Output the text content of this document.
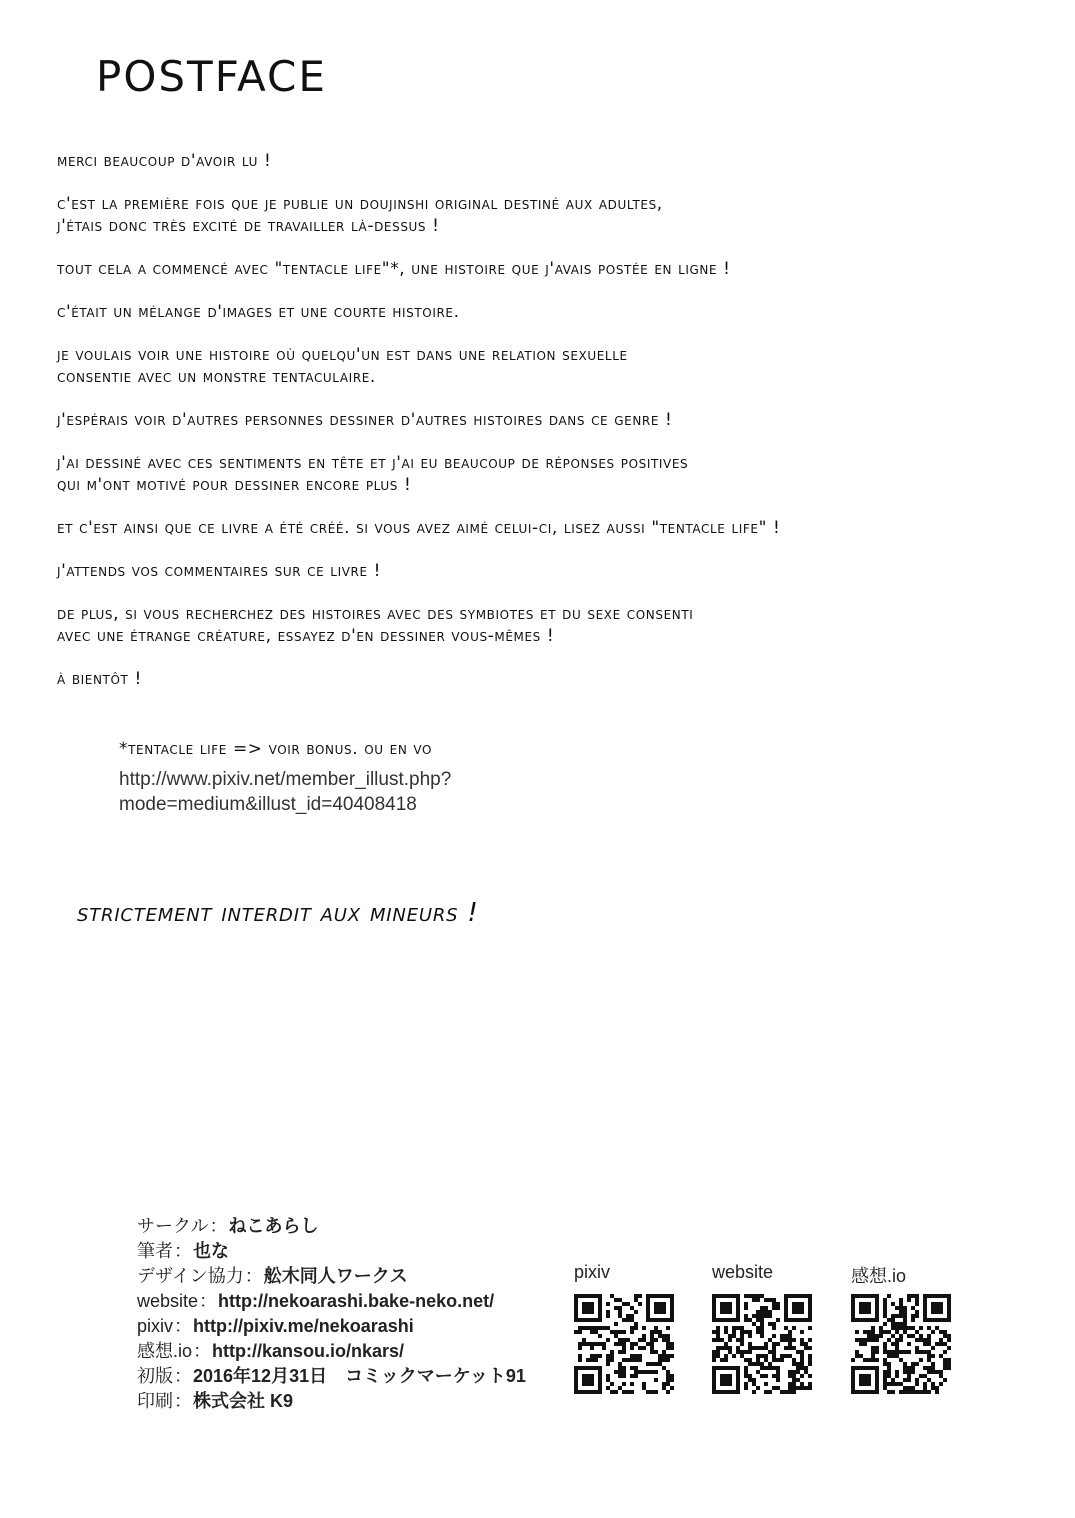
POSTFACE

merci beaucoup d'avoir lu !

c'est la première fois que je publie un doujinshi original destiné aux adultes,
j'étais donc très excité de travailler là-dessus !

tout cela a commencé avec "tentacle life"*, une histoire que j'avais postée en ligne !

c'était un mélange d'images et une courte histoire.

je voulais voir une histoire où quelqu'un est dans une relation sexuelle
consentie avec un monstre tentaculaire.

j'espérais voir d'autres personnes dessiner d'autres histoires dans ce genre !

j'ai dessiné avec ces sentiments en tête et j'ai eu beaucoup de réponses positives
qui m'ont motivé pour dessiner encore plus !

et c'est ainsi que ce livre a été créé. si vous avez aimé celui-ci, lisez aussi "tentacle life" !

j'attends vos commentaires sur ce livre !

de plus, si vous recherchez des histoires avec des symbiotes et du sexe consenti
avec une étrange créature, essayez d'en dessiner vous-mêmes !

à bientôt !

*tentacle life => voir bonus. ou en vo

http://www.pixiv.net/member_illust.php?
mode=medium&illust_id=40408418

strictement interdit aux mineurs !

サークル：ねこあらし
筆者：也な
デザイン協力：舩木同人ワークス
website：http://nekoarashi.bake-neko.net/
pixiv：http://pixiv.me/nekoarashi
感想.io：http://kansou.io/nkars/
初版：2016年12月31日　コミックマーケット91
印刷：株式会社 K9
pixiv	website	感想.io
